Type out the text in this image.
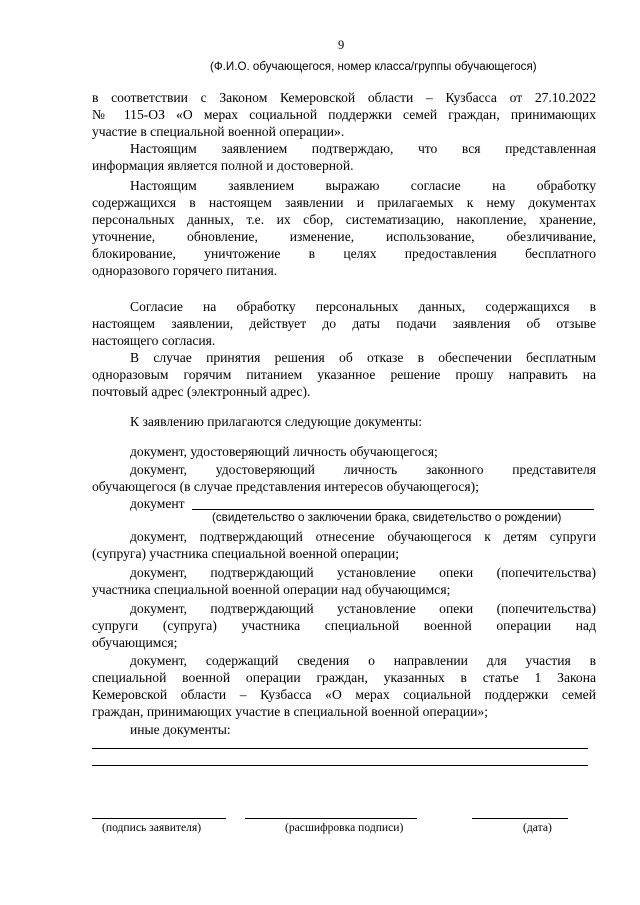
9
(Ф.И.О. обучающегося, номер класса/группы обучающегося)
в соответствии с Законом Кемеровской области – Кузбасса от 27.10.2022
№ 115-ОЗ «О мерах социальной поддержки семей граждан, принимающих
участие в специальной военной операции».
Настоящим заявлением подтверждаю, что вся представленная
информация является полной и достоверной.
Настоящим заявлением выражаю согласие на обработку
содержащихся в настоящем заявлении и прилагаемых к нему документах
персональных данных, т.е. их сбор, систематизацию, накопление, хранение,
уточнение, обновление, изменение, использование, обезличивание,
блокирование, уничтожение в целях предоставления бесплатного
одноразового горячего питания.
Согласие на обработку персональных данных, содержащихся в
настоящем заявлении, действует до даты подачи заявления об отзыве
настоящего согласия.
В случае принятия решения об отказе в обеспечении бесплатным
одноразовым горячим питанием указанное решение прошу направить на
почтовый адрес (электронный адрес).
К заявлению прилагаются следующие документы:
документ, удостоверяющий личность обучающегося;
документ, удостоверяющий личность законного представителя
обучающегося (в случае представления интересов обучающегося);
документ
(свидетельство о заключении брака, свидетельство о рождении)
документ, подтверждающий отнесение обучающегося к детям супруги
(супруга) участника специальной военной операции;
документ, подтверждающий установление опеки (попечительства)
участника специальной военной операции над обучающимся;
документ, подтверждающий установление опеки (попечительства)
супруги (супруга) участника специальной военной операции над
обучающимся;
документ, содержащий сведения о направлении для участия в
специальной военной операции граждан, указанных в статье 1 Закона
Кемеровской области – Кузбасса «О мерах социальной поддержки семей
граждан, принимающих участие в специальной военной операции»;
иные документы:
(подпись заявителя)	(расшифровка подписи)	(дата)
